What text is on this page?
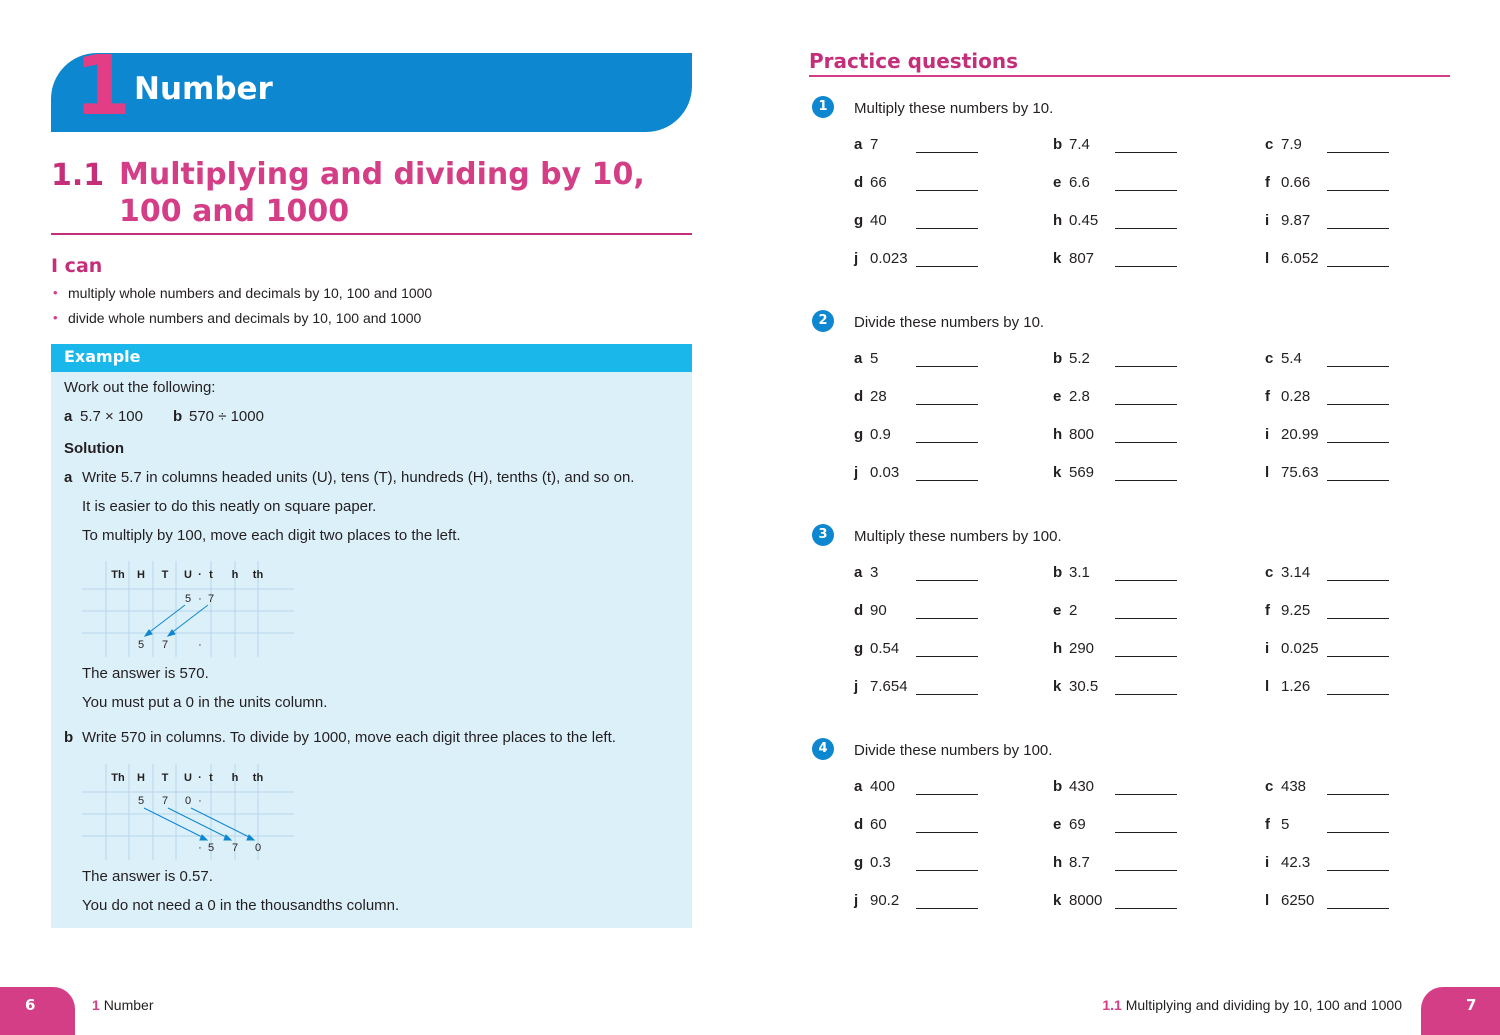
1 Number
1.1 Multiplying and dividing by 10, 100 and 1000
I can
• multiply whole numbers and decimals by 10, 100 and 1000
• divide whole numbers and decimals by 10, 100 and 1000
Example
Work out the following:
a 5.7 × 100 b 570 ÷ 1000
Solution
a Write 5.7 in columns headed units (U), tens (T), hundreds (H), tenths (t), and so on.
It is easier to do this neatly on square paper.
To multiply by 100, move each digit two places to the left.
Th H T U · t h th
5 · 7
5 7	·
The answer is 570.
You must put a 0 in the units column.
b Write 570 in columns. To divide by 1000, move each digit three places to the left.
Th H T U · t h th
5 7 0 ·
· 5 7 0
The answer is 0.57.
You do not need a 0 in the thousandths column.
Practice questions
1	Multiply these numbers by 10.
a 7	b 7.4	c 7.9
d 66	e 6.6	f 0.66
g 40	h 0.45	i 9.87
j 0.023	k 807	l 6.052
2	Divide these numbers by 10.
a 5	b 5.2	c 5.4
d 28	e 2.8	f 0.28
g 0.9	h 800	i 20.99
j 0.03	k 569	l 75.63
3	Multiply these numbers by 100.
a 3	b 3.1	c 3.14
d 90	e 2	f 9.25
g 0.54	h 290	i 0.025
j 7.654	k 30.5	l 1.26
4	Divide these numbers by 100.
a 400	b 430	c 438
d 60	e 69	f 5
g 0.3	h 8.7	i 42.3
j 90.2	k 8000	l 6250
6	1 Number	1.1 Multiplying and dividing by 10, 100 and 1000	7
